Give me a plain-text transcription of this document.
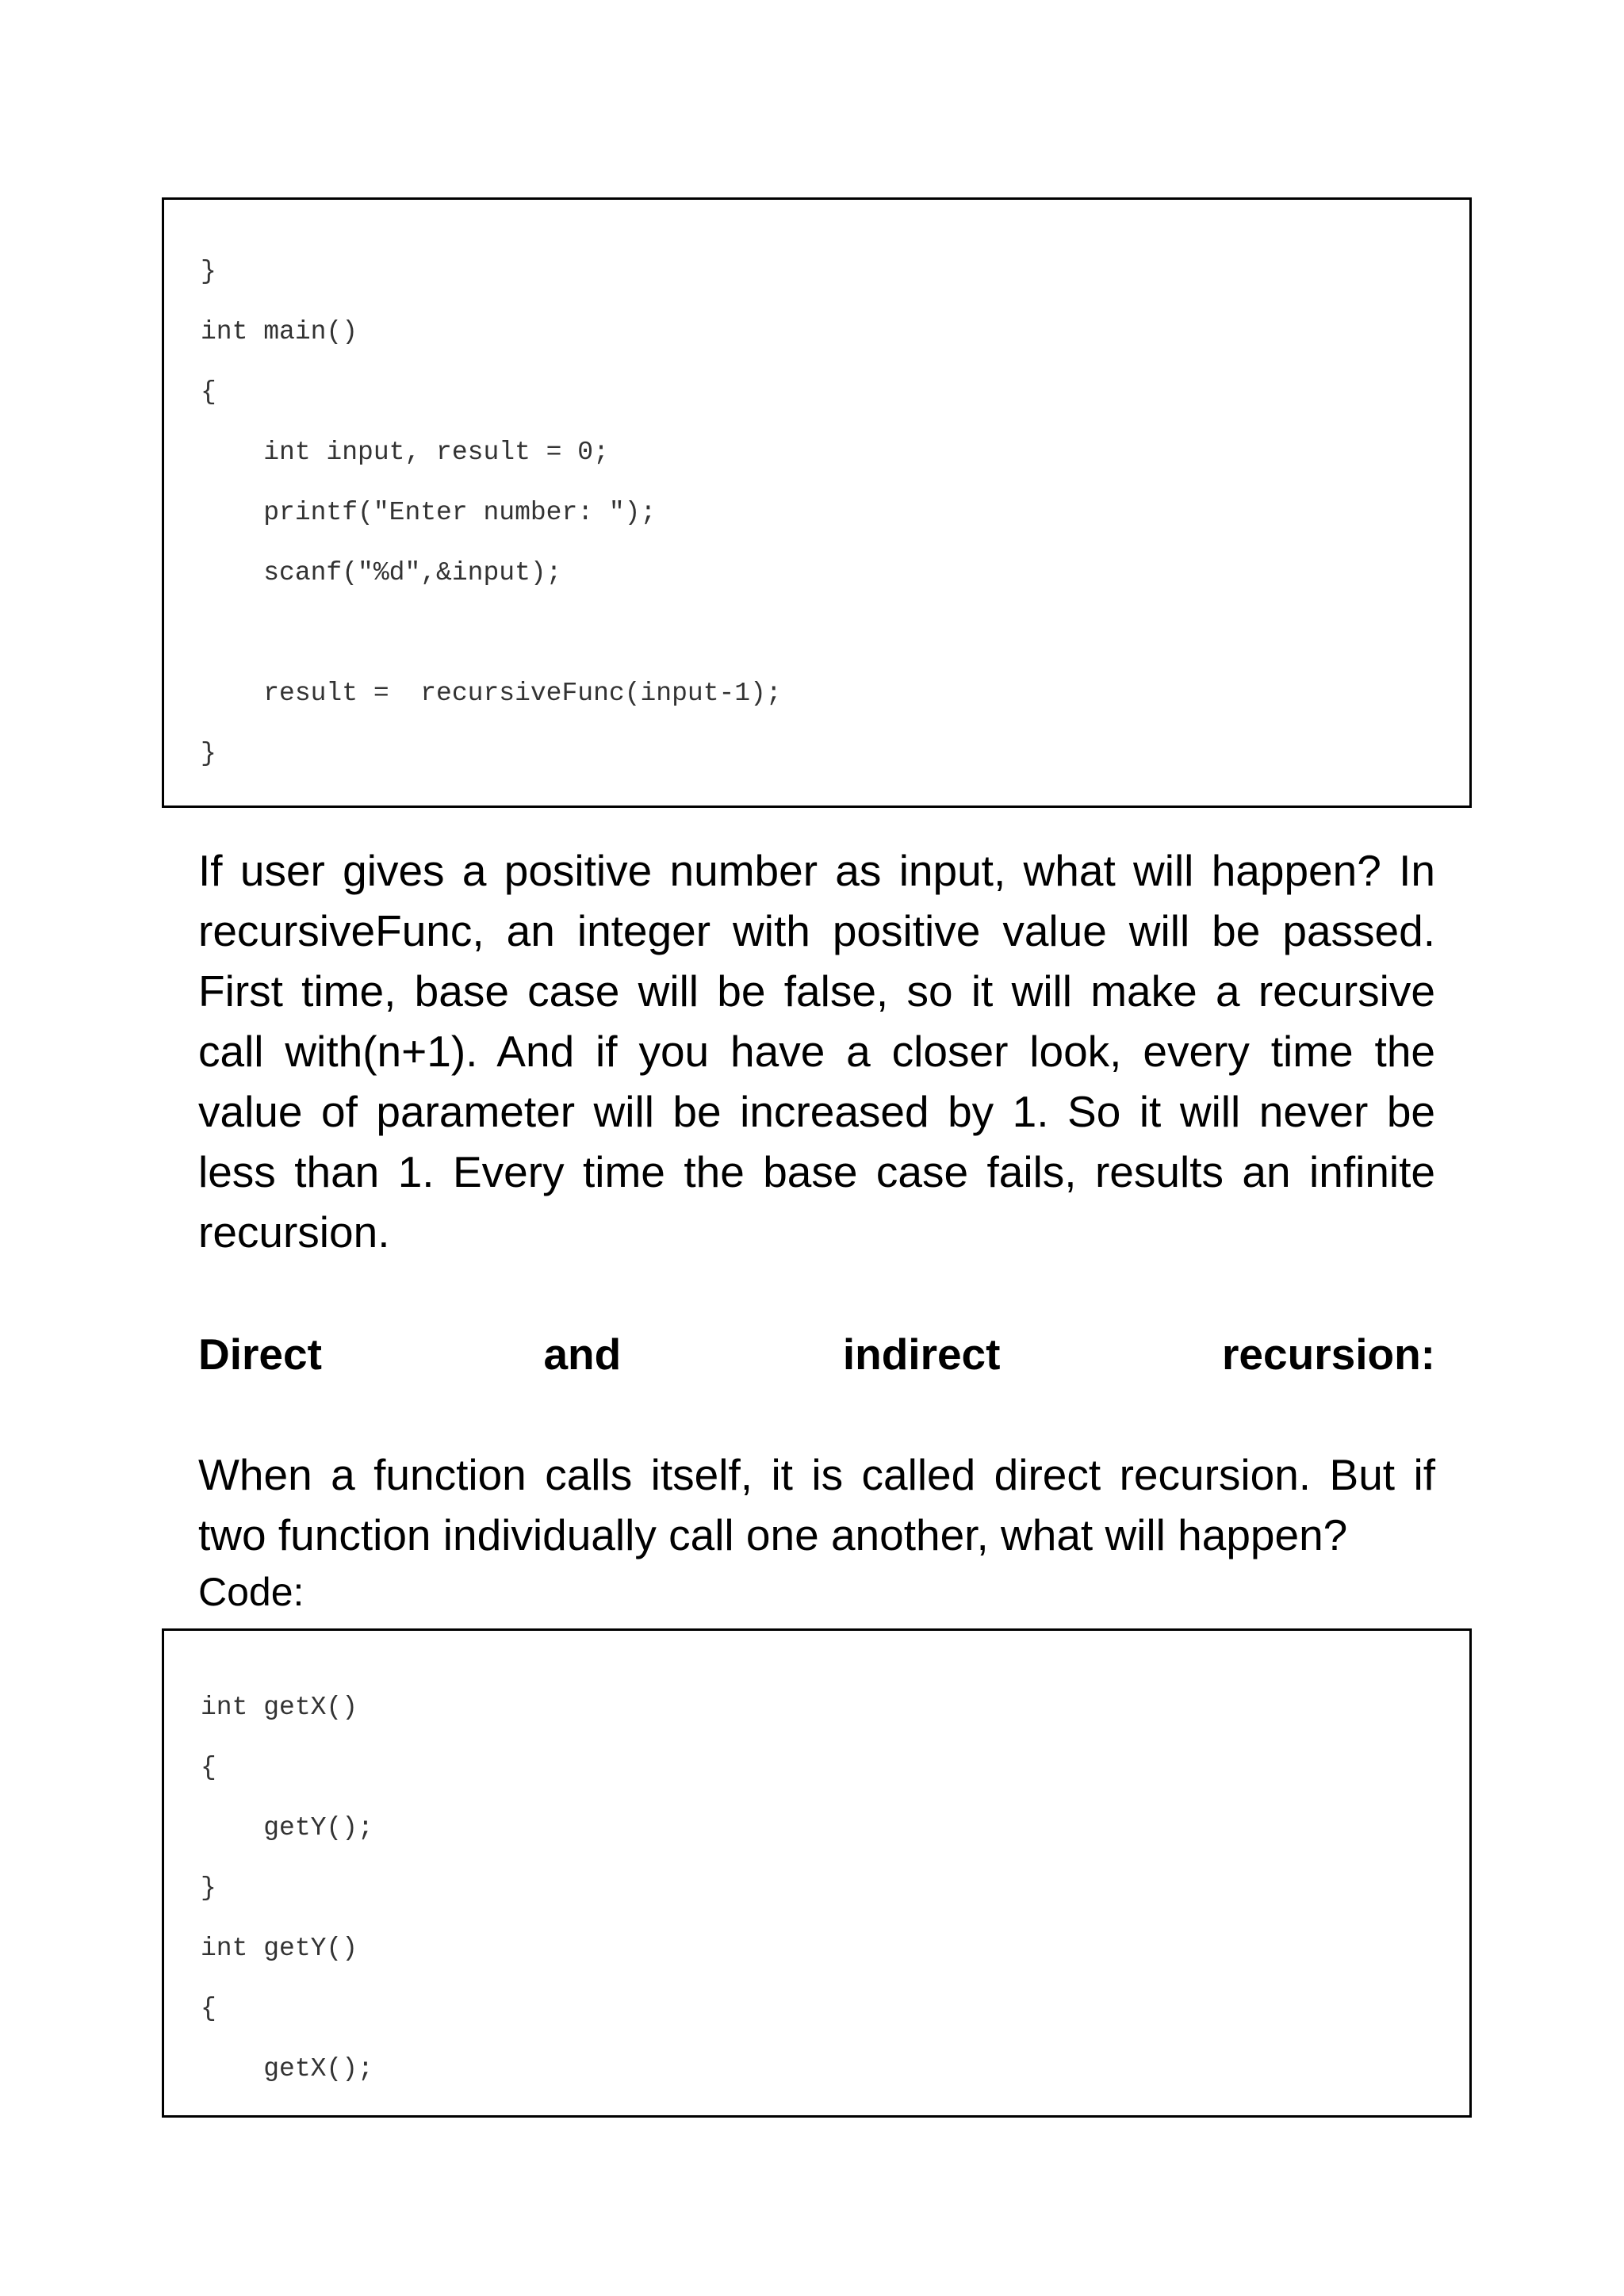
}
int main()
{
int input, result = 0;
printf("Enter number: ");
scanf("%d",&input);
result =  recursiveFunc(input-1);
}

If user gives a positive number as input, what will happen? In recursiveFunc, an integer with positive value will be passed. First time, base case will be false, so it will make a recursive call with(n+1). And if you have a closer look, every time the value of parameter will be increased by 1. So it will never be less than 1. Every time the base case fails, results an infinite recursion.

Direct	and	indirect	recursion:

When a function calls itself, it is called direct recursion. But if two function individually call one another, what will happen?

Code:
int getX()
{
getY();
}
int getY()
{
getX();
